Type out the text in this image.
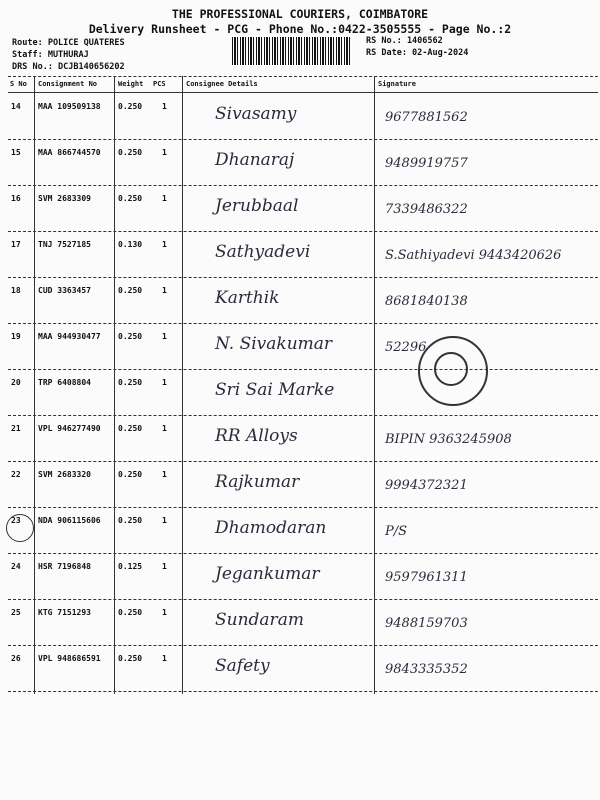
THE PROFESSIONAL COURIERS, COIMBATORE
Delivery Runsheet - PCG - Phone No.:0422-3505555 - Page No.:2
Route: POLICE QUATERES
Staff: MUTHURAJ
DRS No.: DCJB140656202
RS No.: 1406562
RS Date: 02-Aug-2024
S No Consignment No	Weight PCS	Consignee Details	Signature
14 MAA 109509138 0.250 1	Sivasamy	9677881562
15 MAA 866744570 0.250 1	Dhanaraj	9489919757
16 SVM 2683309	0.250 1	Jerubbaal	7339486322
17 TNJ 7527185	0.130 1	Sathyadevi	S.Sathiyadevi 9443420626
18 CUD 3363457	0.250 1	Karthik	8681840138
19 MAA 944930477 0.250 1	N. Sivakumar	52296
20 TRP 6408804	0.250 1	Sri Sai Marke
21 VPL 946277490 0.250 1	RR Alloys	BIPIN 9363245908
22 SVM 2683320	0.250 1	Rajkumar	9994372321
23 NDA 906115606 0.250 1	Dhamodaran	P/S
24 HSR 7196848	0.125 1	Jegankumar	9597961311
25 KTG 7151293	0.250 1	Sundaram	9488159703
26 VPL 948686591 0.250 1	Safety	9843335352
